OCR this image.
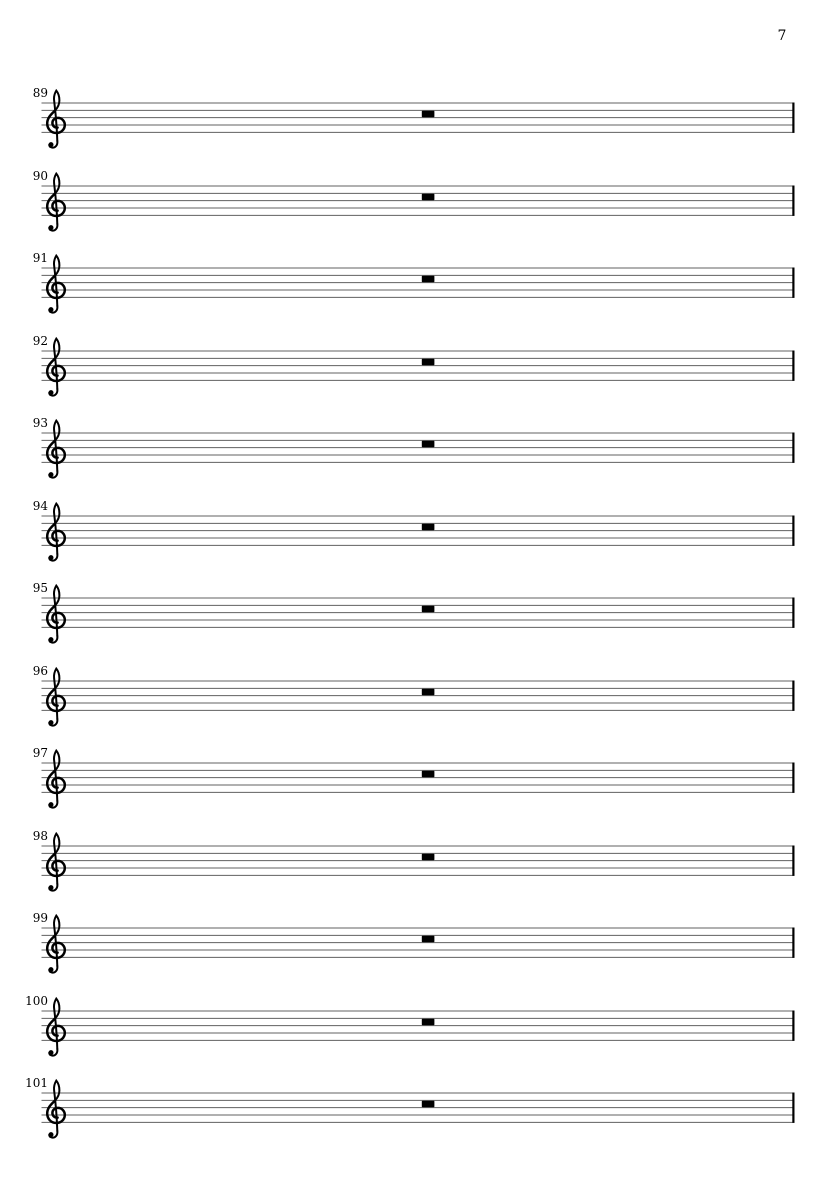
7
89
90
91
92
93
94
95
96
97
98
99
100
101
